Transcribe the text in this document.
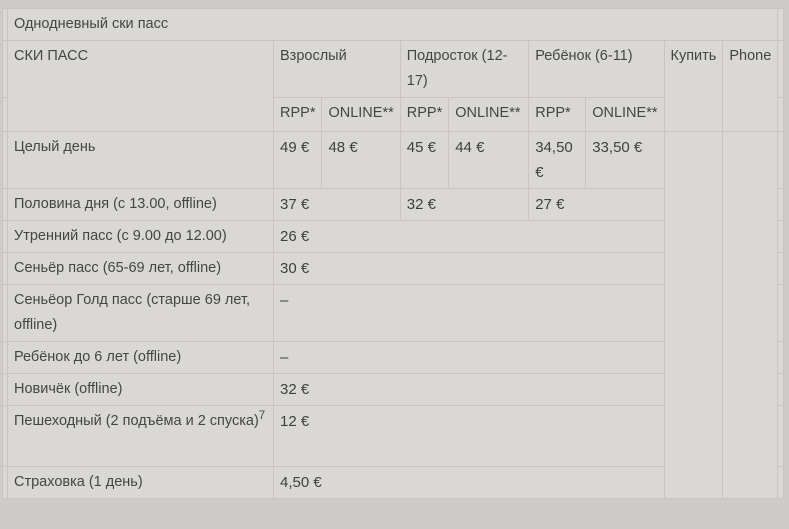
	Однодневный ски пасс									
	СКИ ПАСС	Взрослый		Подросток (12-17)		Ребёнок (6-11)		Купить	Phone	
		RPP*	ONLINE**	RPP*	ONLINE**	RPP*	ONLINE**			
	Целый день	49 €	48 €	45 €	44 €	34,50 €	33,50 €			
	Половина дня (с 13.00, offline)	37 €		32 €		27 €				
	Утренний пасс (с 9.00 до 12.00)	26 €								
	Сеньёр пасс (65-69 лет, offline)	30 €								
	Сеньёор Голд пасс (старше 69 лет, offline)	–								
	Ребёнок до 6 лет (offline)	–								
	Новичёк (offline)	32 €								
	Пешеходный (2 подъёма и 2 спуска)$^7$	12 €								
	Страховка (1 день)	4,50 €								
